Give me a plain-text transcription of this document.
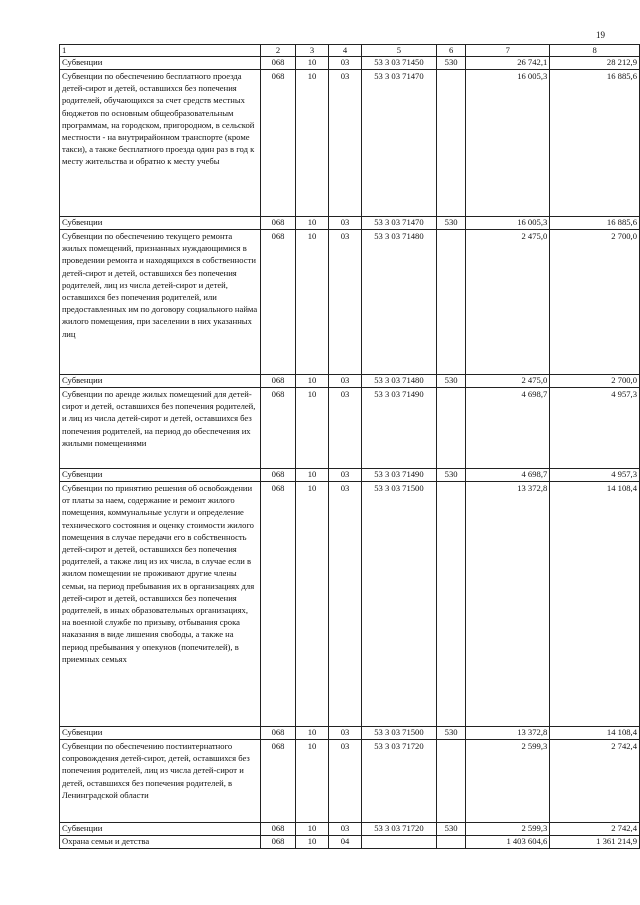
19
1	2	3	4	5	6	7	8
Субвенции	068	10	03	53 3 03 71450	530	26 742,1	28 212,9
Субвенции по обеспечению бесплатного проезда детей-сирот и детей, оставшихся без попечения родителей, обучающихся за счет средств местных бюджетов по основным общеобразовательным программам, на городском, пригородном, в сельской местности - на внутрирайонном транспорте (кроме такси), а также бесплатного проезда один раз в год к месту жительства и обратно к месту учебы	068	10	03	53 3 03 71470		16 005,3	16 885,6
Субвенции	068	10	03	53 3 03 71470	530	16 005,3	16 885,6
Субвенции по обеспечению текущего ремонта жилых помещений, признанных нуждающимися в проведении ремонта и находящихся в собственности детей-сирот и детей, оставшихся без попечения родителей, лиц из числа детей-сирот и детей, оставшихся без попечения родителей, или предоставленных им по договору социального найма жилого помещения, при заселении в них указанных лиц	068	10	03	53 3 03 71480		2 475,0	2 700,0
Субвенции	068	10	03	53 3 03 71480	530	2 475,0	2 700,0
Субвенции по аренде жилых помещений для детей-сирот и детей, оставшихся без попечения родителей, и лиц из числа детей-сирот и детей, оставшихся без попечения родителей, на период до обеспечения их жилыми помещениями	068	10	03	53 3 03 71490		4 698,7	4 957,3
Субвенции	068	10	03	53 3 03 71490	530	4 698,7	4 957,3
Субвенции по принятию решения об освобождении от платы за наем, содержание и ремонт жилого помещения, коммунальные услуги и определение технического состояния и оценку стоимости жилого помещения в случае передачи его в собственность детей-сирот и детей, оставшихся без попечения родителей, а также лиц из их числа, в случае если в жилом помещении не проживают другие члены семьи, на период пребывания их в организациях для детей-сирот и детей, оставшихся без попечения родителей, в иных образовательных организациях, на военной службе по призыву, отбывания срока наказания в виде лишения свободы, а также на период пребывания у опекунов (попечителей), в приемных семьях	068	10	03	53 3 03 71500		13 372,8	14 108,4
Субвенции	068	10	03	53 3 03 71500	530	13 372,8	14 108,4
Субвенции по обеспечению постинтернатного сопровождения детей-сирот, детей, оставшихся без попечения родителей, лиц из числа детей-сирот и детей, оставшихся без попечения родителей, в Ленинградской области	068	10	03	53 3 03 71720		2 599,3	2 742,4
Субвенции	068	10	03	53 3 03 71720	530	2 599,3	2 742,4
Охрана семьи и детства	068	10	04			1 403 604,6	1 361 214,9
